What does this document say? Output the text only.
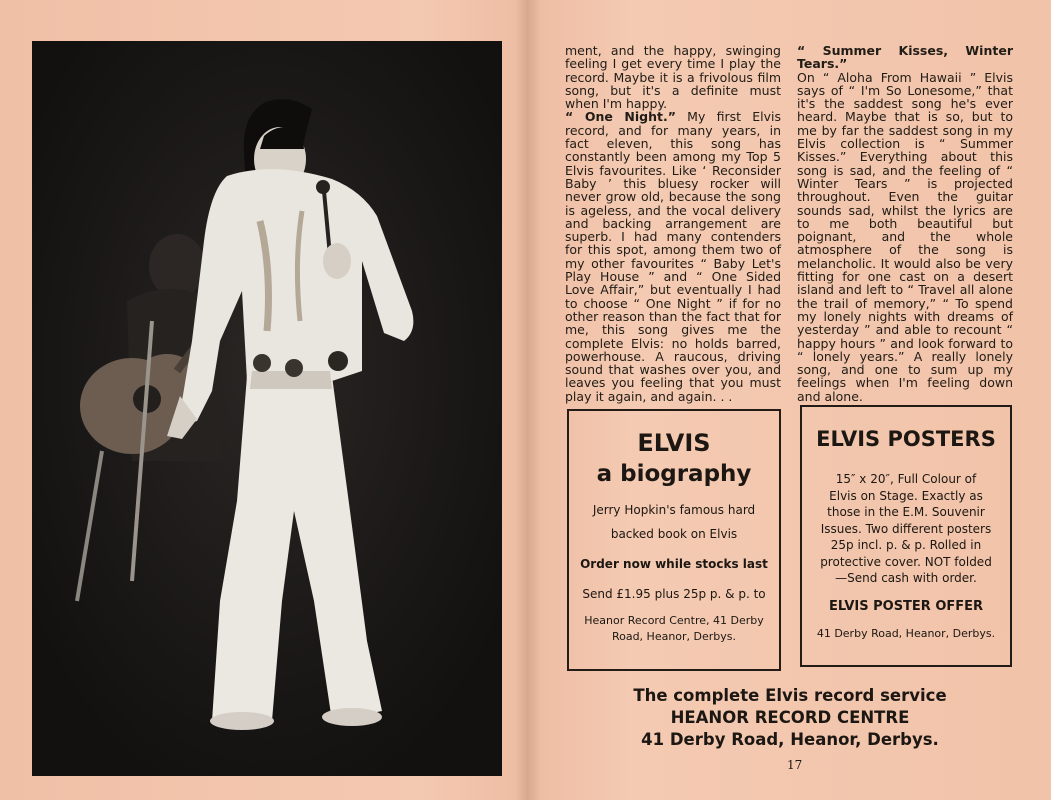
ment, and the happy, swinging feeling I get every time I play the record. Maybe it is a frivolous film song, but it's a definite must when I'm happy.

“ One Night.” My first Elvis record, and for many years, in fact eleven, this song has constantly been among my Top 5 Elvis favourites. Like ‘ Reconsider Baby ’ this bluesy rocker will never grow old, because the song is ageless, and the vocal delivery and backing arrangement are superb. I had many contenders for this spot, among them two of my other favourites “ Baby Let's Play House ” and “ One Sided Love Affair,” but eventually I had to choose “ One Night ” if for no other reason than the fact that for me, this song gives me the complete Elvis: no holds barred, powerhouse. A raucous, driving sound that washes over you, and leaves you feeling that you must play it again, and again. . .

“ Summer Kisses, Winter Tears.”

On “ Aloha From Hawaii ” Elvis says of “ I'm So Lonesome,” that it's the saddest song he's ever heard. Maybe that is so, but to me by far the saddest song in my Elvis collection is “ Summer Kisses.” Everything about this song is sad, and the feeling of “ Winter Tears ” is projected throughout. Even the guitar sounds sad, whilst the lyrics are to me both beautiful but poignant, and the whole atmosphere of the song is melancholic. It would also be very fitting for one cast on a desert island and left to “ Travel all alone the trail of memory,” “ To spend my lonely nights with dreams of yesterday ” and able to recount “ happy hours ” and look forward to “ lonely years.” A really lonely song, and one to sum up my feelings when I'm feeling down and alone.

ELVIS
a biography
Jerry Hopkin's famous hard
backed book on Elvis
Order now while stocks last
Send £1.95 plus 25p p. & p. to
Heanor Record Centre, 41 Derby
Road, Heanor, Derbys.
ELVIS POSTERS
15″ x 20″, Full Colour of
Elvis on Stage. Exactly as
those in the E.M. Souvenir
Issues. Two different posters
25p incl. p. & p. Rolled in
protective cover. NOT folded
—Send cash with order.
ELVIS POSTER OFFER
41 Derby Road, Heanor, Derbys.
The complete Elvis record service
HEANOR RECORD CENTRE
41 Derby Road, Heanor, Derbys.
17
